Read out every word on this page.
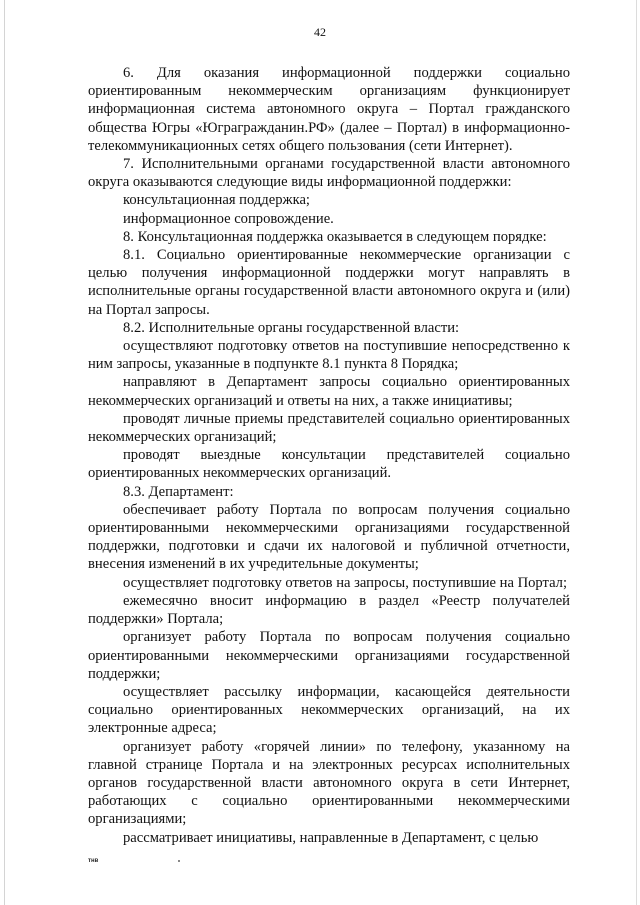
42

6. Для оказания информационной поддержки социально ориентированным некоммерческим организациям функционирует информационная система автономного округа – Портал гражданского общества Югры «Юграгражданин.РФ» (далее – Портал) в информационно-телекоммуникационных сетях общего пользования (сети Интернет).

7. Исполнительными органами государственной власти автономного округа оказываются следующие виды информационной поддержки:

консультационная поддержка;

информационное сопровождение.

8. Консультационная поддержка оказывается в следующем порядке:

8.1. Социально ориентированные некоммерческие организации с целью получения информационной поддержки могут направлять в исполнительные органы государственной власти автономного округа и (или) на Портал запросы.

8.2. Исполнительные органы государственной власти:

осуществляют подготовку ответов на поступившие непосредственно к ним запросы, указанные в подпункте 8.1 пункта 8 Порядка;

направляют в Департамент запросы социально ориентированных некоммерческих организаций и ответы на них, а также инициативы;

проводят личные приемы представителей социально ориентированных некоммерческих организаций;

проводят выездные консультации представителей социально ориентированных некоммерческих организаций.

8.3. Департамент:

обеспечивает работу Портала по вопросам получения социально ориентированными некоммерческими организациями государственной поддержки, подготовки и сдачи их налоговой и публичной отчетности, внесения изменений в их учредительные документы;

осуществляет подготовку ответов на запросы, поступившие на Портал;

ежемесячно вносит информацию в раздел «Реестр получателей поддержки» Портала;

организует работу Портала по вопросам получения социально ориентированными некоммерческими организациями государственной поддержки;

осуществляет рассылку информации, касающейся деятельности социально ориентированных некоммерческих организаций, на их электронные адреса;

организует работу «горячей линии» по телефону, указанному на главной странице Портала и на электронных ресурсах исполнительных органов государственной власти автономного округа в сети Интернет, работающих с социально ориентированными некоммерческими организациями;

рассматривает инициативы, направленные в Департамент, с целью

тнв
